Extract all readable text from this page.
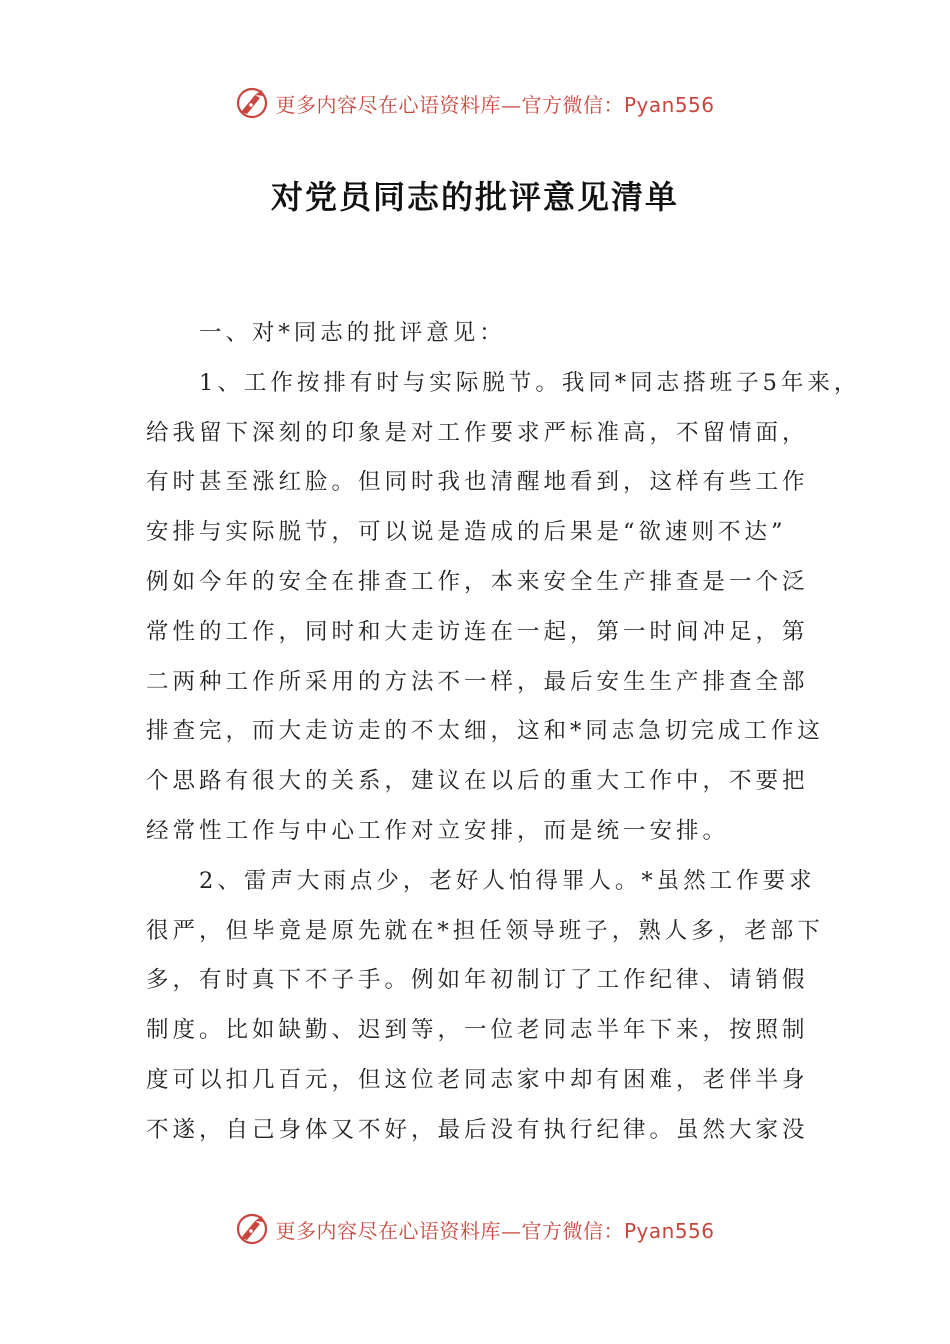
更多内容尽在心语资料库—官方微信：Pyan556
对党员同志的批评意见清单
一、对*同志的批评意见：
1、工作按排有时与实际脱节。我同*同志搭班子5年来，
给我留下深刻的印象是对工作要求严标准高，不留情面，
有时甚至涨红脸。但同时我也清醒地看到，这样有些工作
安排与实际脱节，可以说是造成的后果是“欲速则不达”
例如今年的安全在排查工作，本来安全生产排查是一个泛
常性的工作，同时和大走访连在一起，第一时间冲足，第
二两种工作所采用的方法不一样，最后安生生产排查全部
排查完，而大走访走的不太细，这和*同志急切完成工作这
个思路有很大的关系，建议在以后的重大工作中，不要把
经常性工作与中心工作对立安排，而是统一安排。
2、雷声大雨点少，老好人怕得罪人。*虽然工作要求
很严，但毕竟是原先就在*担任领导班子，熟人多，老部下
多，有时真下不子手。例如年初制订了工作纪律、请销假
制度。比如缺勤、迟到等，一位老同志半年下来，按照制
度可以扣几百元，但这位老同志家中却有困难，老伴半身
不遂，自己身体又不好，最后没有执行纪律。虽然大家没
更多内容尽在心语资料库—官方微信：Pyan556
